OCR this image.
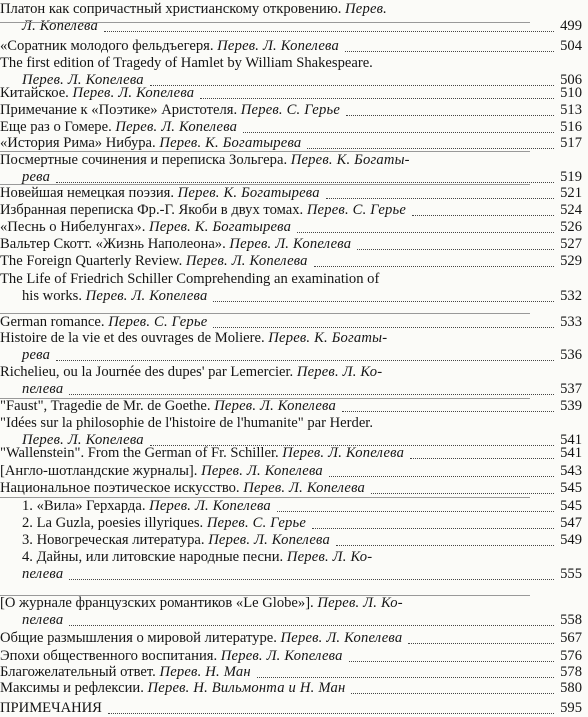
Платон как сопричастный христианскому откровению. Перев.
Л. Копелева	499
«Соратник молодого фельдъегеря. Перев. Л. Копелева	504
The first edition of Tragedy of Hamlet by William Shakespeare.
Перев. Л. Копелева	506
Китайское. Перев. Л. Копелева	510
Примечание к «Поэтике» Аристотеля. Перев. С. Герье	513
Еще раз о Гомере. Перев. Л. Копелева	516
«История Рима» Нибура. Перев. К. Богатырева	517
Посмертные сочинения и переписка Зольгера. Перев. К. Богаты-
рева	519
Новейшая немецкая поэзия. Перев. К. Богатырева	521
Избранная переписка Фр.-Г. Якоби в двух томах. Перев. С. Герье	524
«Песнь о Нибелунгах». Перев. К. Богатырева	526
Вальтер Скотт. «Жизнь Наполеона». Перев. Л. Копелева	527
The Foreign Quarterly Review. Перев. Л. Копелева	529
The Life of Friedrich Schiller Comprehending an examination of
his works. Перев. Л. Копелева	532
German romance. Перев. С. Герье	533
Histoire de la vie et des ouvrages de Moliere. Перев. К. Богаты-
рева	536
Richelieu, ou la Journée des dupes' par Lemercier. Перев. Л. Ко-
пелева	537
"Faust", Tragedie de Mr. de Goethe. Перев. Л. Копелева	539
"Idées sur la philosophie de l'histoire de l'humanite" par Herder.
Перев. Л. Копелева	541
"Wallenstein". From the German of Fr. Schiller. Перев. Л. Копелева	541
[Англо-шотландские журналы]. Перев. Л. Копелева	543
Национальное поэтическое искусство. Перев. Л. Копелева	545
1. «Вила» Герхарда. Перев. Л. Копелева	545
2. La Guzla, poesies illyriques. Перев. С. Герье	547
3. Новогреческая литература. Перев. Л. Копелева	549
4. Дайны, или литовские народные песни. Перев. Л. Ко-
пелева	555
[О журнале французских романтиков «Le Globe»]. Перев. Л. Ко-
пелева	558
Общие размышления о мировой литературе. Перев. Л. Копелева	567
Эпохи общественного воспитания. Перев. Л. Копелева	576
Благожелательный ответ. Перев. Н. Ман	578
Максимы и рефлексии. Перев. Н. Вильмонта и Н. Ман	580
ПРИМЕЧАНИЯ	595
